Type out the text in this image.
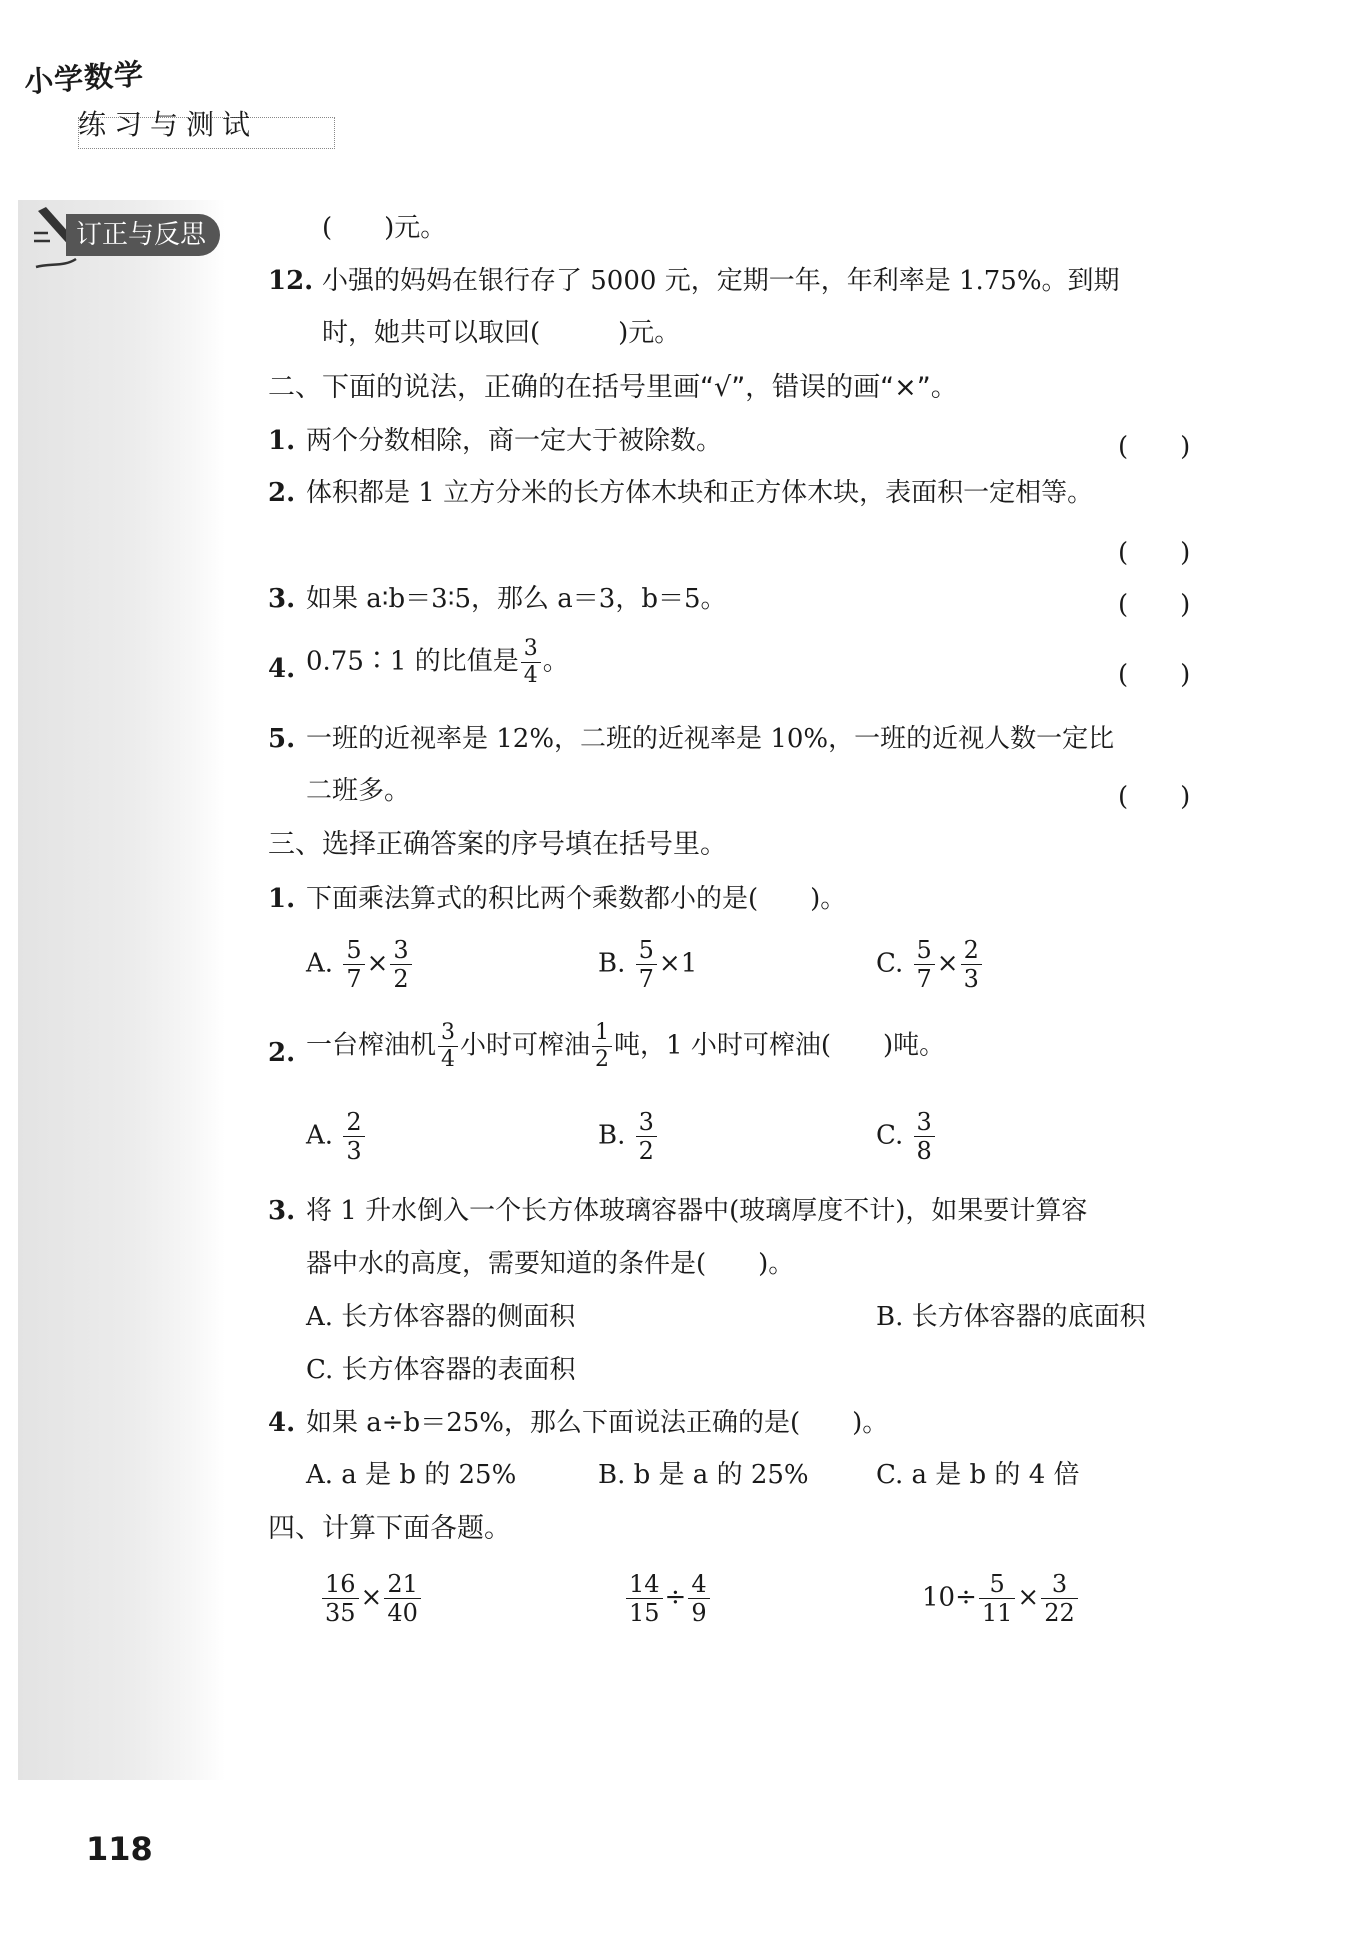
小学数学
练习与测试
订正与反思	(　　)元。
12. 小强的妈妈在银行存了 5000 元，定期一年，年利率是 1.75%。到期
时，她共可以取回(　　　)元。
二、下面的说法，正确的在括号里画“√”，错误的画“×”。
1. 两个分数相除，商一定大于被除数。	(　　)
2. 体积都是 1 立方分米的长方体木块和正方体木块，表面积一定相等。
(　　)
3. 如果 a∶b＝3∶5，那么 a＝3，b＝5。	(　　)
4. 0.75∶1 的比值是 $\frac{3}{4}$ 。	(　　)
5. 一班的近视率是 12%，二班的近视率是 10%，一班的近视人数一定比
二班多。	(　　)
三、选择正确答案的序号填在括号里。
1. 下面乘法算式的积比两个乘数都小的是(　　)。
A. $\frac{5}{7} \times \frac{3}{2}$	B. $\frac{5}{7} \times 1$	C. $\frac{5}{7} \times \frac{2}{3}$
2. 一台榨油机 $\frac{3}{4}$ 小时可榨油 $\frac{1}{2}$ 吨，1 小时可榨油(　　)吨。
A. $\frac{2}{3}$	B. $\frac{3}{2}$	C. $\frac{3}{8}$
3. 将 1 升水倒入一个长方体玻璃容器中(玻璃厚度不计)，如果要计算容
器中水的高度，需要知道的条件是(　　)。
A. 长方体容器的侧面积	B. 长方体容器的底面积
C. 长方体容器的表面积
4. 如果 a÷b＝25%，那么下面说法正确的是(　　)。
A. a 是 b 的 25%	B. b 是 a 的 25%	C. a 是 b 的 4 倍
四、计算下面各题。
$\frac{16}{35} \times \frac{21}{40}$	$\frac{14}{15} \div \frac{4}{9}$	$10\div \frac{5}{11} \times \frac{3}{22}$
118
